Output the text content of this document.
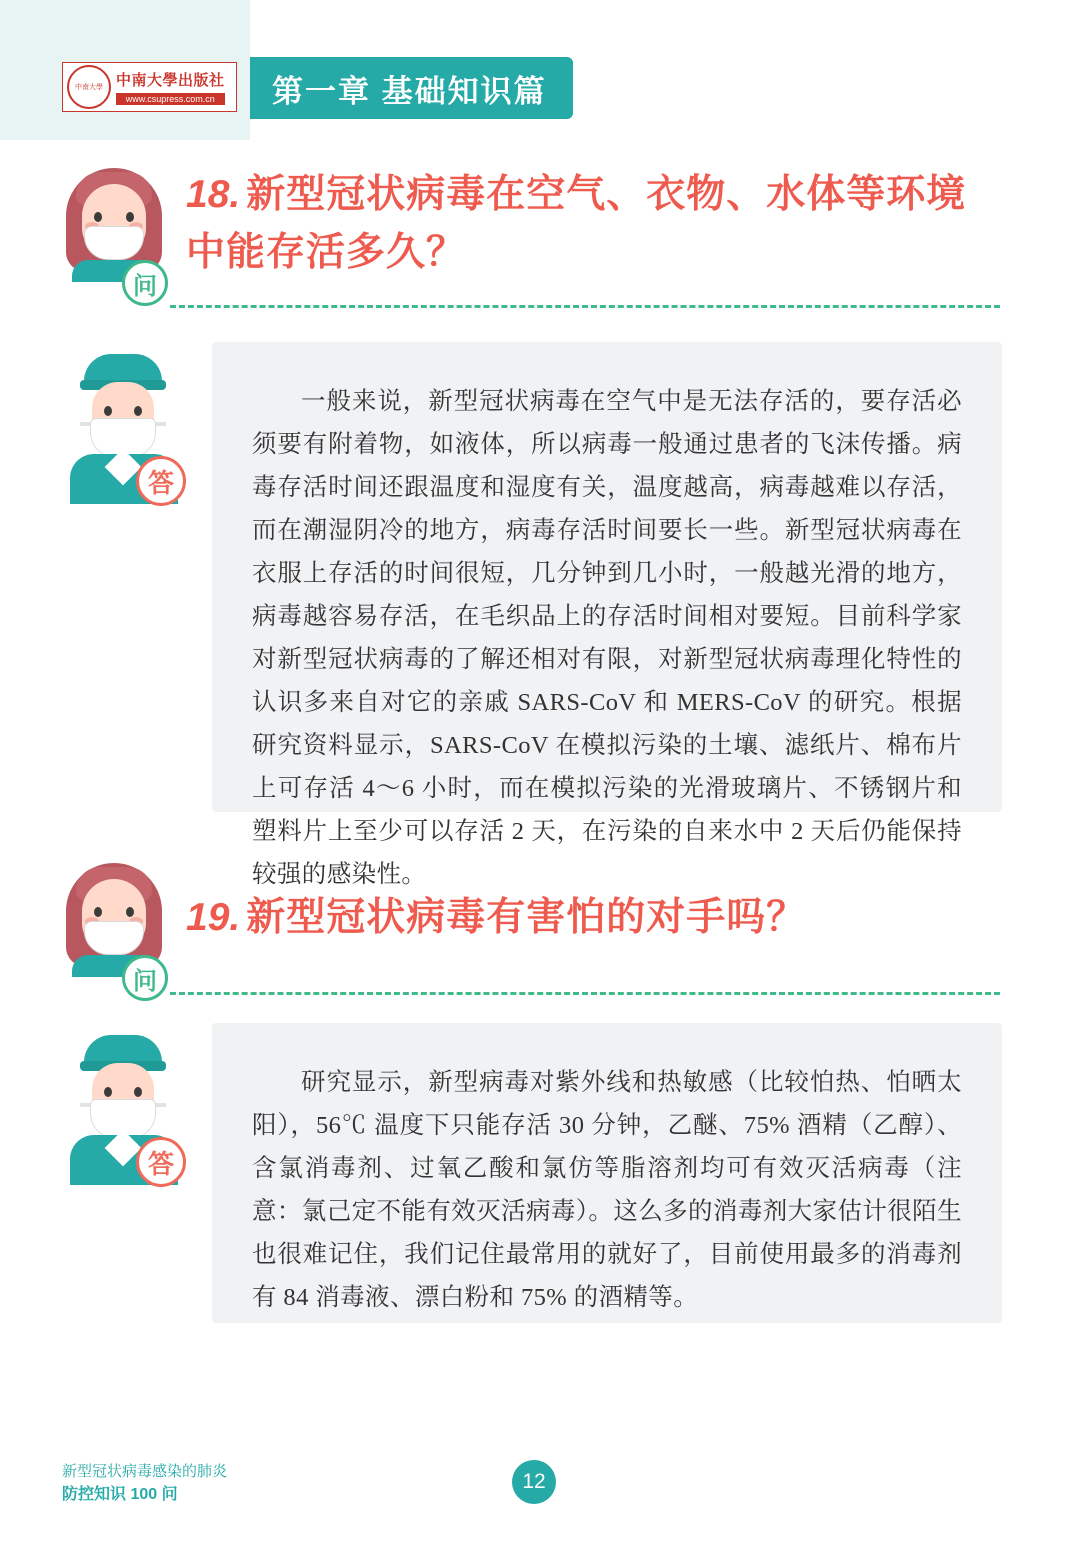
中南大學 中南大學出版社
www.csupress.com.cn	第一章 基础知识篇
问
18. 新型冠状病毒在空气、衣物、水体等环境中能存活多久？
答

一般来说，新型冠状病毒在空气中是无法存活的，要存活必须要有附着物，如液体，所以病毒一般通过患者的飞沫传播。病毒存活时间还跟温度和湿度有关，温度越高，病毒越难以存活，而在潮湿阴冷的地方，病毒存活时间要长一些。新型冠状病毒在衣服上存活的时间很短，几分钟到几小时，一般越光滑的地方，病毒越容易存活，在毛织品上的存活时间相对要短。目前科学家对新型冠状病毒的了解还相对有限，对新型冠状病毒理化特性的认识多来自对它的亲戚 SARS-CoV 和 MERS-CoV 的研究。根据研究资料显示，SARS-CoV 在模拟污染的土壤、滤纸片、棉布片上可存活 4～6 小时，而在模拟污染的光滑玻璃片、不锈钢片和塑料片上至少可以存活 2 天，在污染的自来水中 2 天后仍能保持较强的感染性。

问
19. 新型冠状病毒有害怕的对手吗？
答

研究显示，新型病毒对紫外线和热敏感（比较怕热、怕晒太阳），56℃ 温度下只能存活 30 分钟，乙醚、75% 酒精（乙醇）、含氯消毒剂、过氧乙酸和氯仿等脂溶剂均可有效灭活病毒（注意：氯己定不能有效灭活病毒）。这么多的消毒剂大家估计很陌生也很难记住，我们记住最常用的就好了，目前使用最多的消毒剂有 84 消毒液、漂白粉和 75% 的酒精等。

新型冠状病毒感染的肺炎
防控知识 100 问
12
